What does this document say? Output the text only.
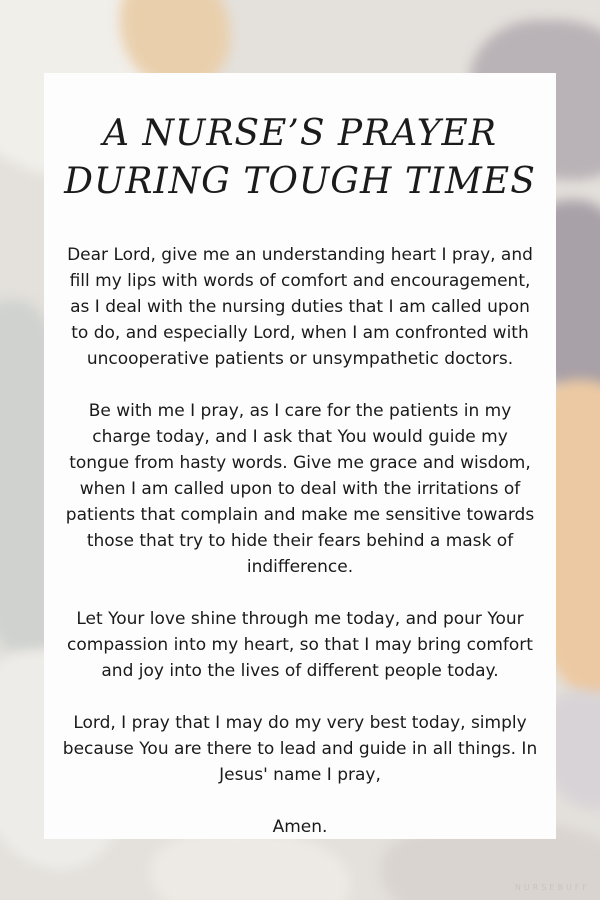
A NURSE’S PRAYER
DURING TOUGH TIMES

Dear Lord, give me an understanding heart I pray, and fill my lips with words of comfort and encouragement, as I deal with the nursing duties that I am called upon to do, and especially Lord, when I am confronted with uncooperative patients or unsympathetic doctors.

Be with me I pray, as I care for the patients in my charge today, and I ask that You would guide my tongue from hasty words. Give me grace and wisdom, when I am called upon to deal with the irritations of patients that complain and make me sensitive towards those that try to hide their fears behind a mask of indifference.

Let Your love shine through me today, and pour Your compassion into my heart, so that I may bring comfort and joy into the lives of different people today.

Lord, I pray that I may do my very best today, simply because You are there to lead and guide in all things. In Jesus' name I pray,

Amen.

NURSEBUFF
